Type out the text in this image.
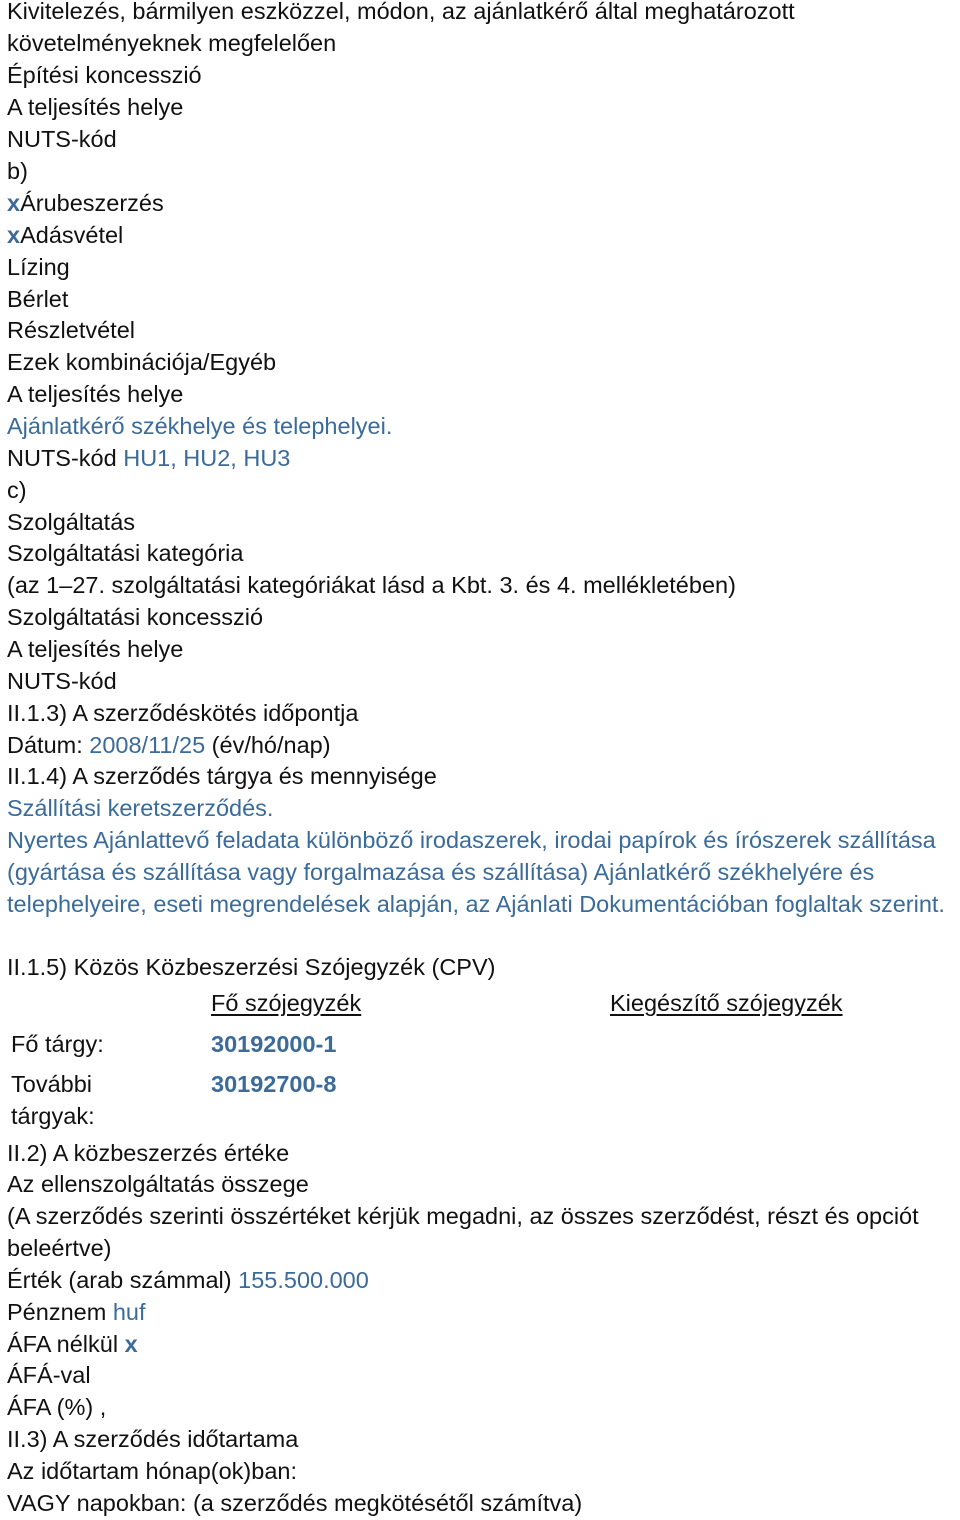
Kivitelezés, bármilyen eszközzel, módon, az ajánlatkérő által meghatározott
követelményeknek megfelelően
Építési koncesszió
A teljesítés helye
NUTS-kód
b)
xÁrubeszerzés
xAdásvétel
Lízing
Bérlet
Részletvétel
Ezek kombinációja/Egyéb
A teljesítés helye
Ajánlatkérő székhelye és telephelyei.
NUTS-kód HU1, HU2, HU3
c)
Szolgáltatás
Szolgáltatási kategória
(az 1–27. szolgáltatási kategóriákat lásd a Kbt. 3. és 4. mellékletében)
Szolgáltatási koncesszió
A teljesítés helye
NUTS-kód
II.1.3) A szerződéskötés időpontja
Dátum: 2008/11/25 (év/hó/nap)
II.1.4) A szerződés tárgya és mennyisége
Szállítási keretszerződés.
Nyertes Ajánlattevő feladata különböző irodaszerek, irodai papírok és írószerek szállítása (gyártása és szállítása vagy forgalmazása és szállítása) Ajánlatkérő székhelyére és telephelyeire, eseti megrendelések alapján, az Ajánlati Dokumentációban foglaltak szerint.
II.1.5) Közös Közbeszerzési Szójegyzék (CPV)
Fő szójegyzék	Kiegészítő szójegyzék
Fő tárgy:	30192000-1
További
tárgyak:
30192700-8
II.2) A közbeszerzés értéke
Az ellenszolgáltatás összege
(A szerződés szerinti összértéket kérjük megadni, az összes szerződést, részt és opciót beleértve)
Érték (arab számmal) 155.500.000
Pénznem huf
ÁFA nélkül x
ÁFÁ-val
ÁFA (%) ,
II.3) A szerződés időtartama
Az időtartam hónap(ok)ban:
VAGY napokban: (a szerződés megkötésétől számítva)
